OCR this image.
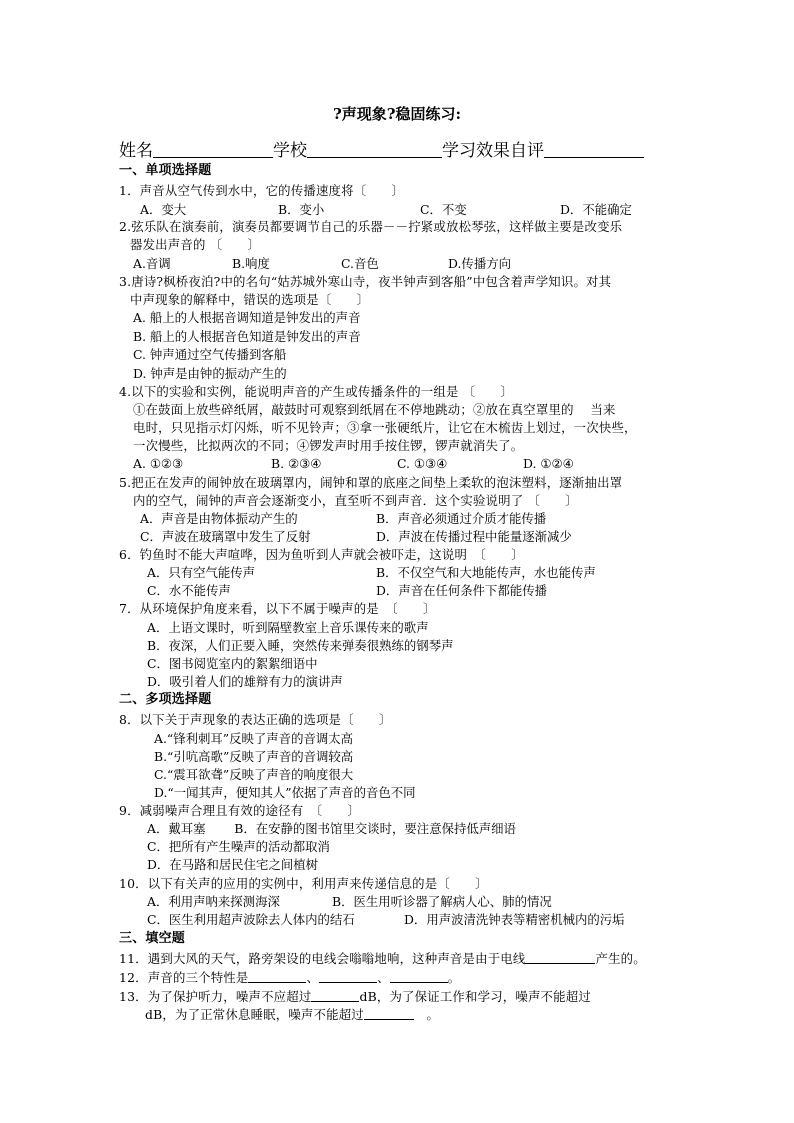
?声现象?稳固练习:
姓名	学校	学习效果自评
一、单项选择题
1．声音从空气传到水中，它的传播速度将〔　　〕
A．变大	B．变小	C．不变	D．不能确定
2.弦乐队在演奏前，演奏员都要调节自己的乐器－－拧紧或放松琴弦，这样做主要是改变乐
器发出声音的 〔　　〕
A.音调	B.响度	C.音色	D.传播方向
3.唐诗?枫桥夜泊?中的名句“姑苏城外寒山寺，夜半钟声到客船”中包含着声学知识。对其
中声现象的解释中，错误的选项是〔　　〕
A. 船上的人根据音调知道是钟发出的声音
B. 船上的人根据音色知道是钟发出的声音
C. 钟声通过空气传播到客船
D. 钟声是由钟的振动产生的
4.以下的实验和实例，能说明声音的产生或传播条件的一组是 〔　　〕
①在鼓面上放些碎纸屑，敲鼓时可观察到纸屑在不停地跳动；②放在真空罩里的　 当来
电时，只见指示灯闪烁，听不见铃声；③拿一张硬纸片，让它在木梳齿上划过，一次快些，
一次慢些，比拟两次的不同；④锣发声时用手按住锣，锣声就消失了。
A. ①②③	B. ②③④	C. ①③④	D. ①②④
5.把正在发声的闹钟放在玻璃罩内，闹钟和罩的底座之间垫上柔软的泡沫塑料，逐渐抽出罩
内的空气，闹钟的声音会逐渐变小，直至听不到声音．这个实验说明了 〔　　〕
A．声音是由物体振动产生的	B．声音必须通过介质才能传播
C．声波在玻璃罩中发生了反射	D．声波在传播过程中能量逐渐减少
6．钓鱼时不能大声喧哗，因为鱼听到人声就会被吓走，这说明　〔　　〕
A．只有空气能传声	B．不仅空气和大地能传声，水也能传声
C．水不能传声	D．声音在任何条件下都能传播
7．从环境保护角度来看，以下不属于噪声的是　〔　　〕
A．上语文课时，听到隔壁教室上音乐课传来的歌声
B．夜深，人们正要入睡，突然传来弹奏很熟练的钢琴声
C．图书阅览室内的絮絮细语中
D．吸引着人们的雄辩有力的演讲声
二、多项选择题
8．以下关于声现象的表达正确的选项是〔　　〕
A.“锋利刺耳”反映了声音的音调太高
B.“引吭高歌”反映了声音的音调较高
C.“震耳欲聋”反映了声音的响度很大
D.“一闻其声，便知其人”依据了声音的音色不同
9．减弱噪声合理且有效的途径有　〔　　〕
A．戴耳塞　　 B．在安静的图书馆里交谈时，要注意保持低声细语
C．把所有产生噪声的活动都取消
D．在马路和居民住宅之间植树
10．以下有关声的应用的实例中，利用声来传递信息的是〔　　〕
A．利用声呐来探测海深	B．医生用听诊器了解病人心、肺的情况
C．医生利用超声波除去人体内的结石	D．用声波清洗钟表等精密机械内的污垢
三、填空题
11．遇到大风的天气，路旁架设的电线会嗡嗡地响，这种声音是由于电线	产生的。
12．声音的三个特性是	、	、	。
13．为了保护听力，噪声不应超过	dB，为了保证工作和学习，噪声不能超过
dB，为了正常休息睡眠，噪声不能超过	　。
